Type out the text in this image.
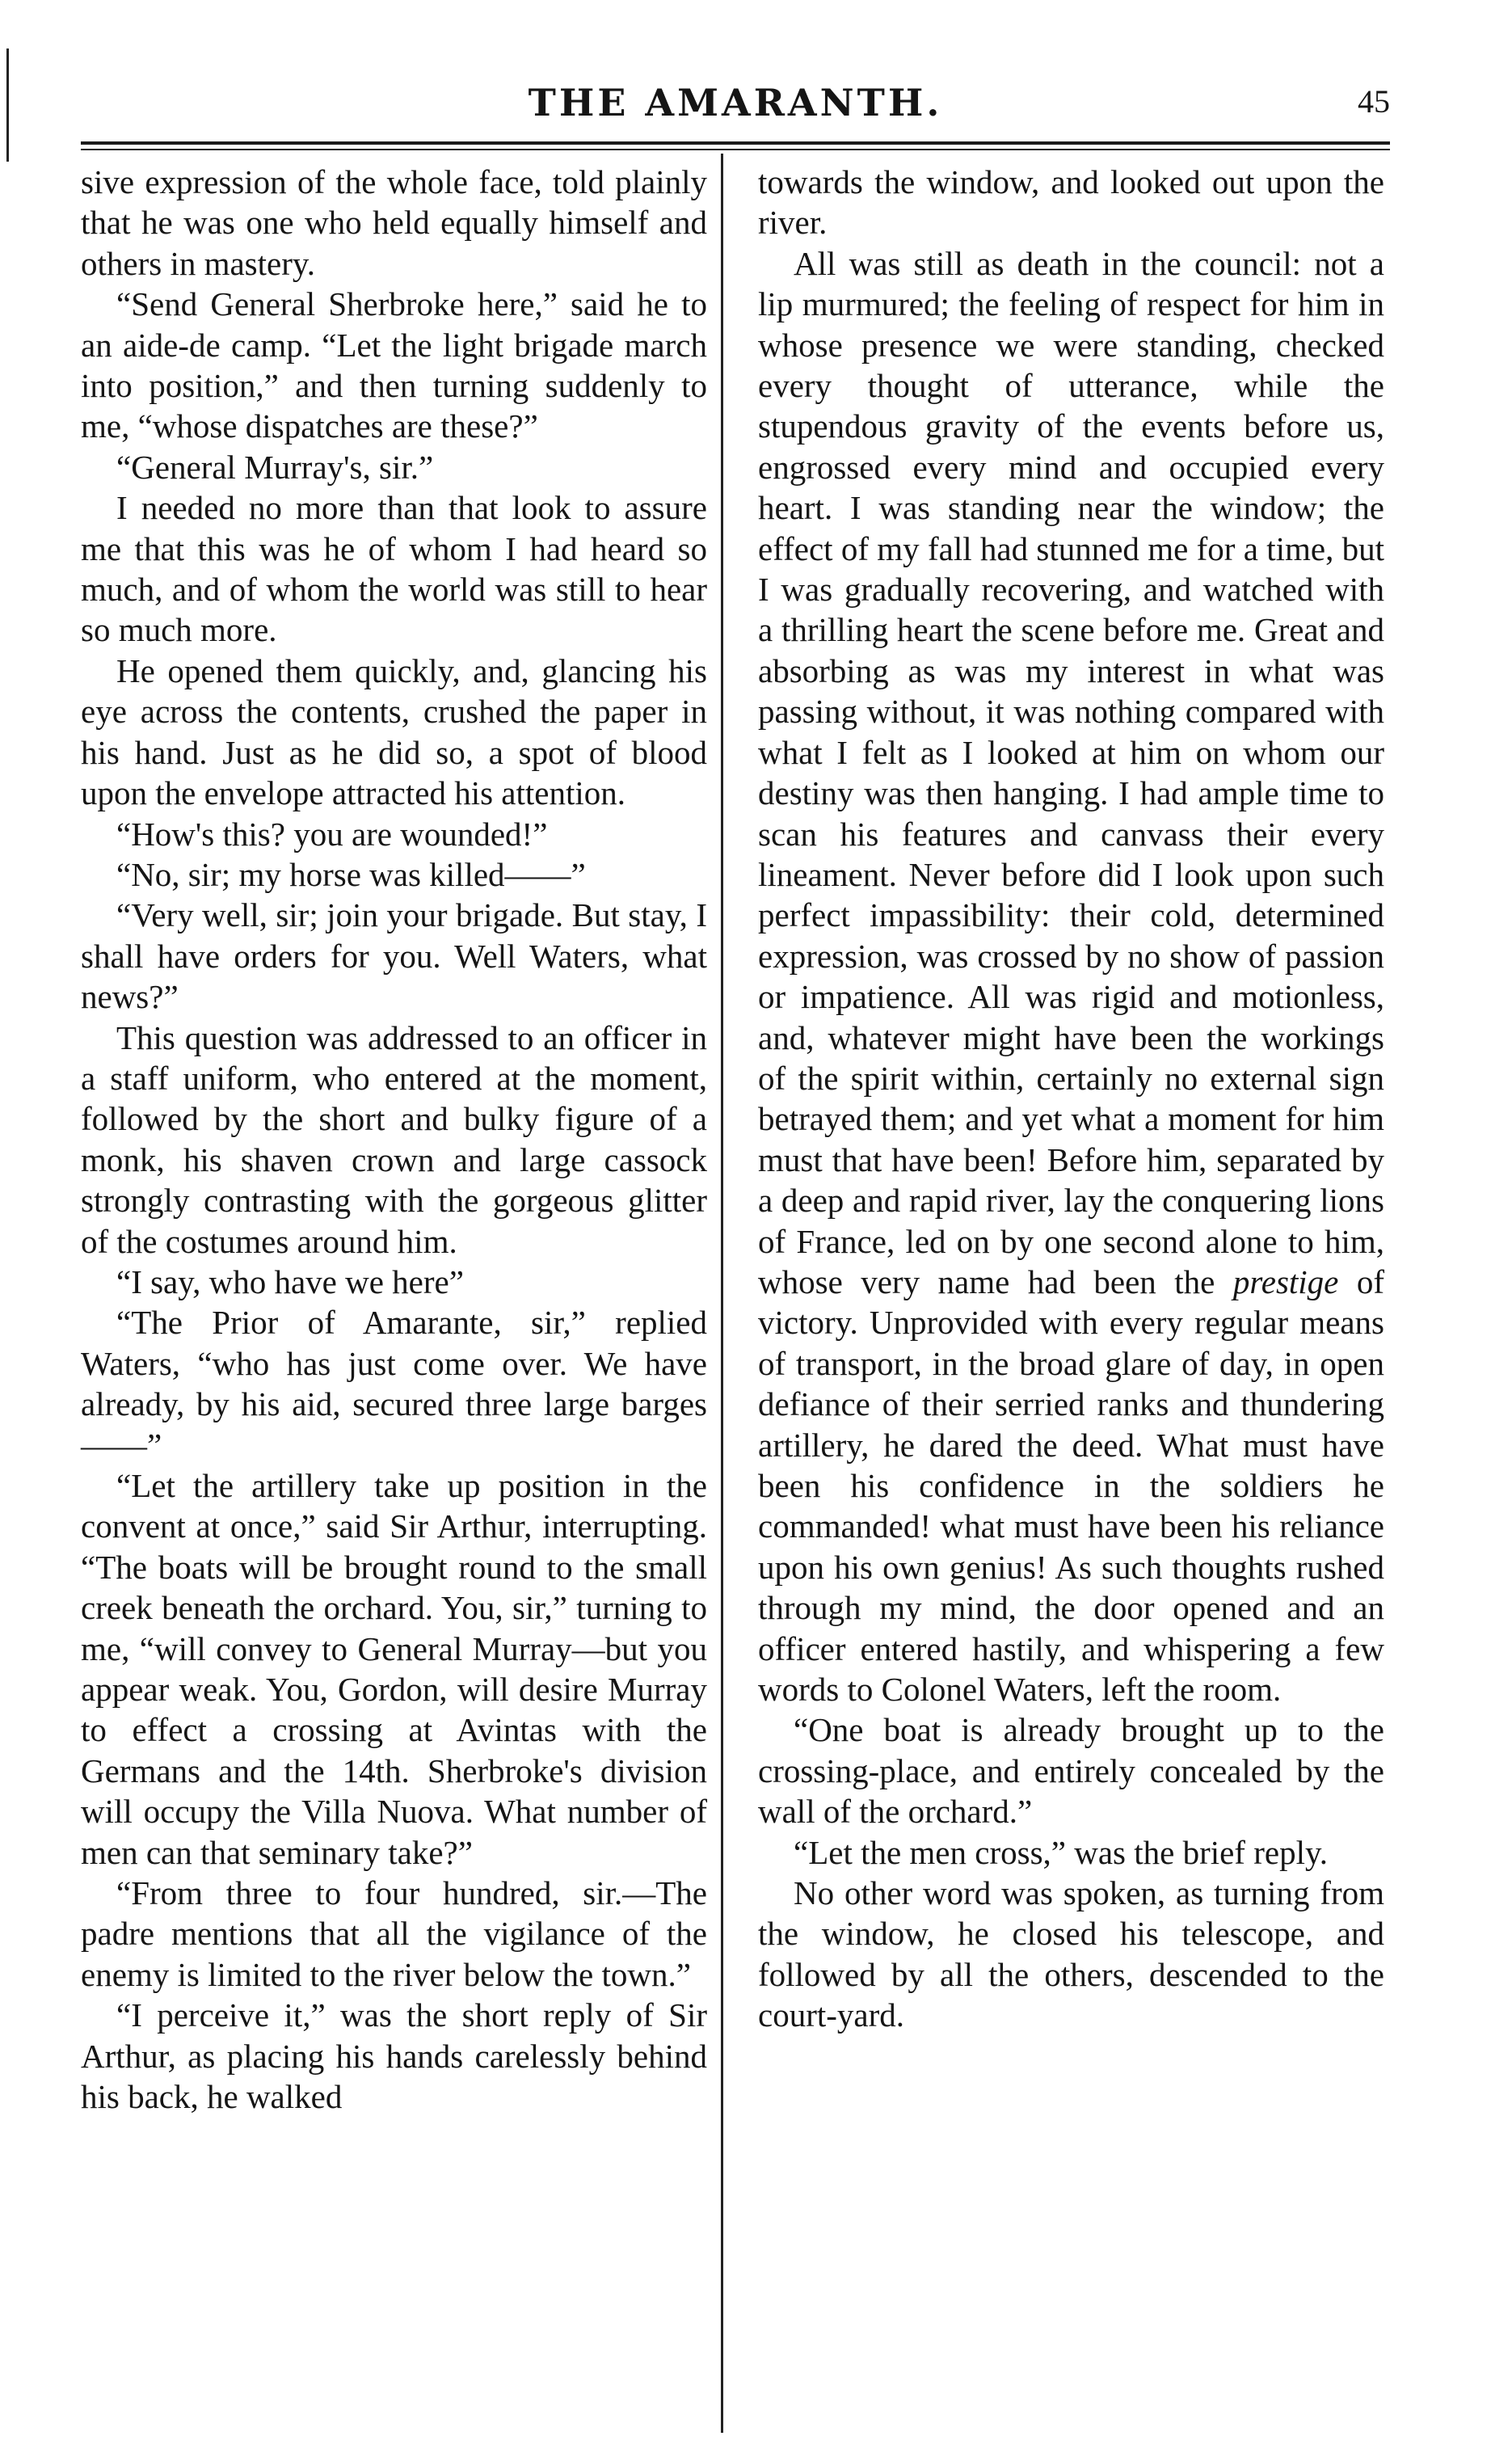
THE AMARANTH.	45

sive expression of the whole face, told plainly that he was one who held equally himself and others in mastery.

“Send General Sherbroke here,” said he to an aide-de camp. “Let the light brigade march into position,” and then turning suddenly to me, “whose dispatches are these?”

“General Murray's, sir.”

I needed no more than that look to assure me that this was he of whom I had heard so much, and of whom the world was still to hear so much more.

He opened them quickly, and, glancing his eye across the contents, crushed the paper in his hand. Just as he did so, a spot of blood upon the envelope attracted his attention.

“How's this? you are wounded!”

“No, sir; my horse was killed——”

“Very well, sir; join your brigade. But stay, I shall have orders for you. Well Waters, what news?”

This question was addressed to an officer in a staff uniform, who entered at the moment, followed by the short and bulky figure of a monk, his shaven crown and large cassock strongly contrasting with the gorgeous glitter of the costumes around him.

“I say, who have we here”

“The Prior of Amarante, sir,” replied Waters, “who has just come over. We have already, by his aid, secured three large barges——”

“Let the artillery take up position in the convent at once,” said Sir Arthur, interrupting. “The boats will be brought round to the small creek beneath the orchard. You, sir,” turning to me, “will convey to General Murray—but you appear weak. You, Gordon, will desire Murray to effect a crossing at Avintas with the Germans and the 14th. Sherbroke's division will occupy the Villa Nuova. What number of men can that seminary take?”

“From three to four hundred, sir.—The padre mentions that all the vigilance of the enemy is limited to the river below the town.”

“I perceive it,” was the short reply of Sir Arthur, as placing his hands carelessly behind his back, he walked

towards the window, and looked out upon the river.

All was still as death in the council: not a lip murmured; the feeling of respect for him in whose presence we were standing, checked every thought of utterance, while the stupendous gravity of the events before us, engrossed every mind and occupied every heart. I was standing near the window; the effect of my fall had stunned me for a time, but I was gradually recovering, and watched with a thrilling heart the scene before me. Great and absorbing as was my interest in what was passing without, it was nothing compared with what I felt as I looked at him on whom our destiny was then hanging. I had ample time to scan his features and canvass their every lineament. Never before did I look upon such perfect impassibility: their cold, determined expression, was crossed by no show of passion or impatience. All was rigid and motionless, and, whatever might have been the workings of the spirit within, certainly no external sign betrayed them; and yet what a moment for him must that have been! Before him, separated by a deep and rapid river, lay the conquering lions of France, led on by one second alone to him, whose very name had been the prestige of victory. Unprovided with every regular means of transport, in the broad glare of day, in open defiance of their serried ranks and thundering artillery, he dared the deed. What must have been his confidence in the soldiers he commanded! what must have been his reliance upon his own genius! As such thoughts rushed through my mind, the door opened and an officer entered hastily, and whispering a few words to Colonel Waters, left the room.

“One boat is already brought up to the crossing-place, and entirely concealed by the wall of the orchard.”

“Let the men cross,” was the brief reply.

No other word was spoken, as turning from the window, he closed his telescope, and followed by all the others, descended to the court-yard.
